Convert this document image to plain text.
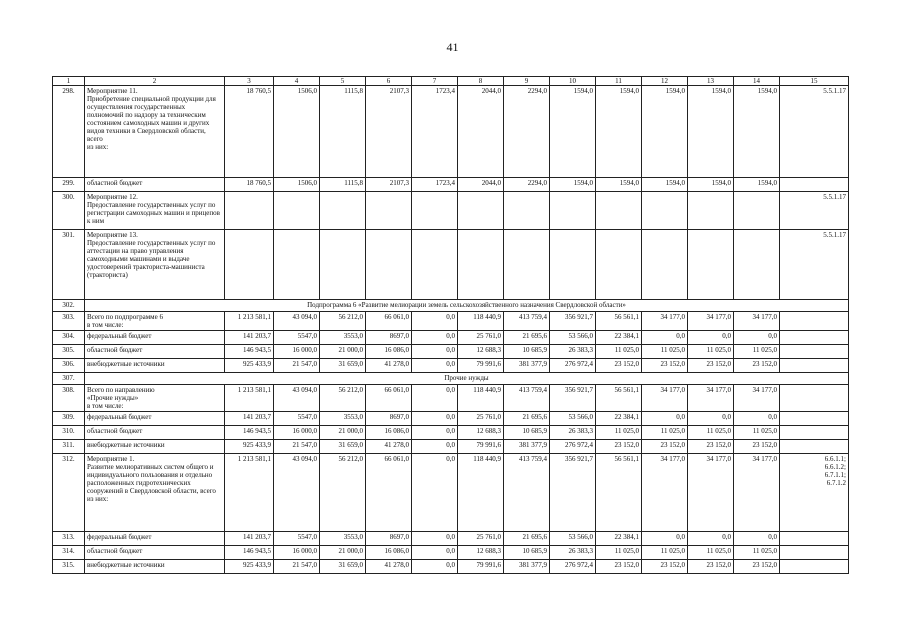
41
1	2	3	4	5	6	7	8	9	10	11	12	13	14	15
298.	Мероприятие 11.
Приобретение специальной продукции для осуществления государственных полномочий по надзору за техническим состоянием самоходных машин и других видов техники в Свердловской области, всего
из них:	18 760,5	1506,0	1115,8	2107,3	1723,4	2044,0	2294,0	1594,0	1594,0	1594,0	1594,0	1594,0	5.5.1.17
299.	областной бюджет	18 760,5	1506,0	1115,8	2107,3	1723,4	2044,0	2294,0	1594,0	1594,0	1594,0	1594,0	1594,0	
300.	Мероприятие 12.
Предоставление государственных услуг по регистрации самоходных машин и прицепов к ним													5.5.1.17
301.	Мероприятие 13.
Предоставление государственных услуг по аттестации на право управления самоходными машинами и выдаче удостоверений тракториста-машиниста (тракториста)													5.5.1.17
302.	Подпрограмма 6 «Развитие мелиорации земель сельскохозяйственного назначения Свердловской области»													
303.	Всего по подпрограмме 6
в том числе:	1 213 581,1	43 094,0	56 212,0	66 061,0	0,0	118 440,9	413 759,4	356 921,7	56 561,1	34 177,0	34 177,0	34 177,0	
304.	федеральный бюджет	141 203,7	5547,0	3553,0	8697,0	0,0	25 761,0	21 695,6	53 566,0	22 384,1	0,0	0,0	0,0	
305.	областной бюджет	146 943,5	16 000,0	21 000,0	16 086,0	0,0	12 688,3	10 685,9	26 383,3	11 025,0	11 025,0	11 025,0	11 025,0	
306.	внебюджетные источники	925 433,9	21 547,0	31 659,0	41 278,0	0,0	79 991,6	381 377,9	276 972,4	23 152,0	23 152,0	23 152,0	23 152,0	
307.	Прочие нужды													
308.	Всего по направлению
«Прочие нужды»
в том числе:	1 213 581,1	43 094,0	56 212,0	66 061,0	0,0	118 440,9	413 759,4	356 921,7	56 561,1	34 177,0	34 177,0	34 177,0	
309.	федеральный бюджет	141 203,7	5547,0	3553,0	8697,0	0,0	25 761,0	21 695,6	53 566,0	22 384,1	0,0	0,0	0,0	
310.	областной бюджет	146 943,5	16 000,0	21 000,0	16 086,0	0,0	12 688,3	10 685,9	26 383,3	11 025,0	11 025,0	11 025,0	11 025,0	
311.	внебюджетные источники	925 433,9	21 547,0	31 659,0	41 278,0	0,0	79 991,6	381 377,9	276 972,4	23 152,0	23 152,0	23 152,0	23 152,0	
312.	Мероприятие 1.
Развитие мелиоративных систем общего и индивидуального пользования и отдельно расположенных гидротехнических сооружений в Свердловской области, всего
из них:	1 213 581,1	43 094,0	56 212,0	66 061,0	0,0	118 440,9	413 759,4	356 921,7	56 561,1	34 177,0	34 177,0	34 177,0	6.6.1.1;
6.6.1.2;
6.7.1.1;
6.7.1.2
313.	федеральный бюджет	141 203,7	5547,0	3553,0	8697,0	0,0	25 761,0	21 695,6	53 566,0	22 384,1	0,0	0,0	0,0	
314.	областной бюджет	146 943,5	16 000,0	21 000,0	16 086,0	0,0	12 688,3	10 685,9	26 383,3	11 025,0	11 025,0	11 025,0	11 025,0	
315.	внебюджетные источники	925 433,9	21 547,0	31 659,0	41 278,0	0,0	79 991,6	381 377,9	276 972,4	23 152,0	23 152,0	23 152,0	23 152,0	
